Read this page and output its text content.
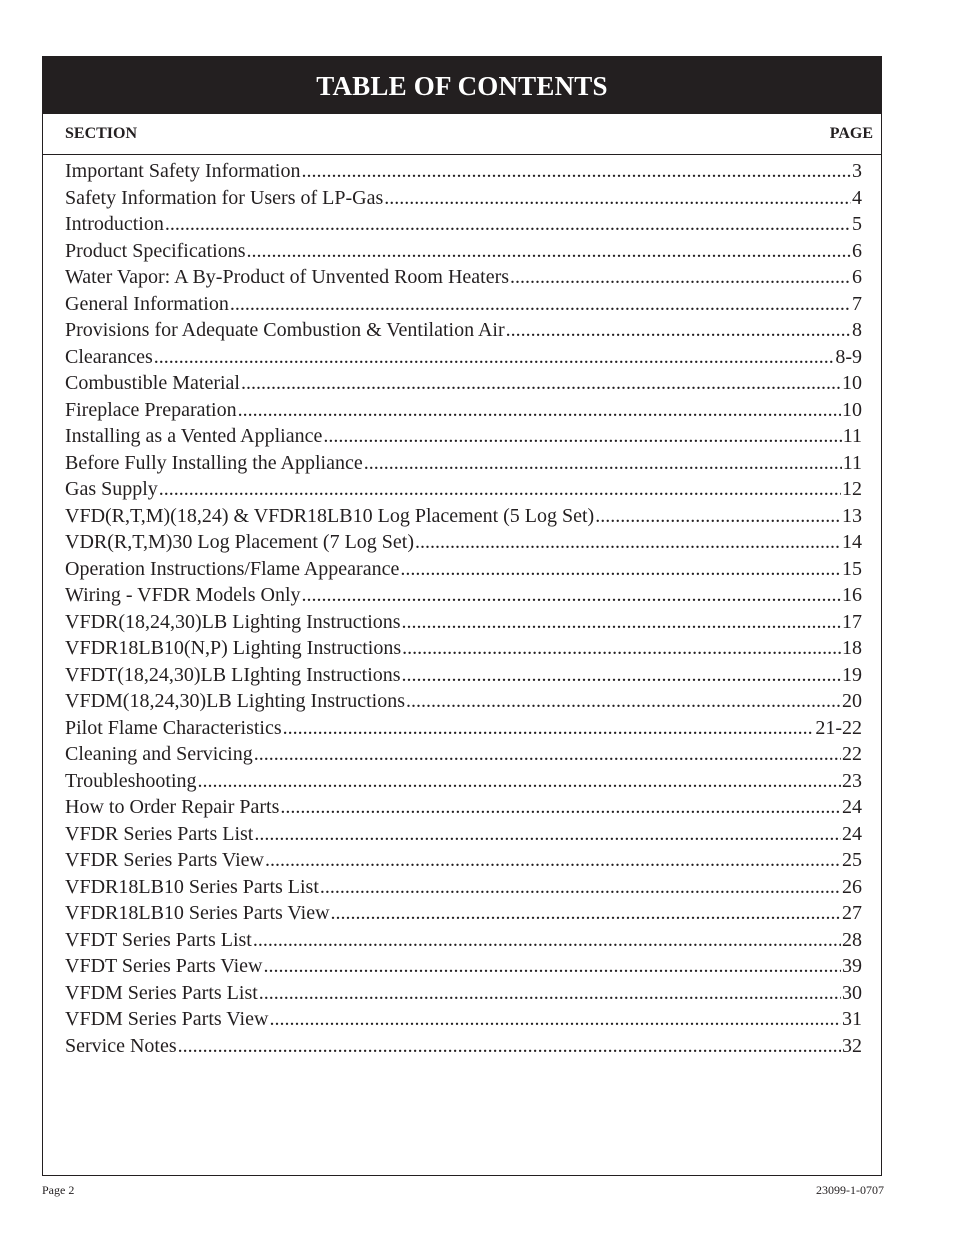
TABLE OF CONTENTS
SECTION	PAGE
Important Safety Information .....	3
Safety Information for Users of LP-Gas .....	4
Introduction .....	5
Product Specifications .....	6
Water Vapor: A By-Product of Unvented Room Heaters .....	6
General Information .....	7
Provisions for Adequate Combustion & Ventilation Air .....	8
Clearances .....	8-9
Combustible Material .....	10
Fireplace Preparation .....	10
Installing as a Vented Appliance .....	11
Before Fully Installing the Appliance .....	11
Gas Supply .....	12
VFD(R,T,M)(18,24) & VFDR18LB10 Log Placement (5 Log Set) .....	13
VDR(R,T,M)30 Log Placement (7 Log Set) .....	14
Operation Instructions/Flame Appearance .....	15
Wiring - VFDR Models Only .....	16
VFDR(18,24,30)LB Lighting Instructions .....	17
VFDR18LB10(N,P) Lighting Instructions .....	18
VFDT(18,24,30)LB LIghting Instructions .....	19
VFDM(18,24,30)LB Lighting Instructions .....	20
Pilot Flame Characteristics .....	21-22
Cleaning and Servicing .....	22
Troubleshooting .....	23
How to Order Repair Parts .....	24
VFDR Series Parts List .....	24
VFDR Series Parts View .....	25
VFDR18LB10 Series Parts List .....	26
VFDR18LB10 Series Parts View .....	27
VFDT Series Parts List .....	28
VFDT Series Parts View .....	39
VFDM Series Parts List .....	30
VFDM Series Parts View .....	31
Service Notes .....	32
Page 2	23099-1-0707
